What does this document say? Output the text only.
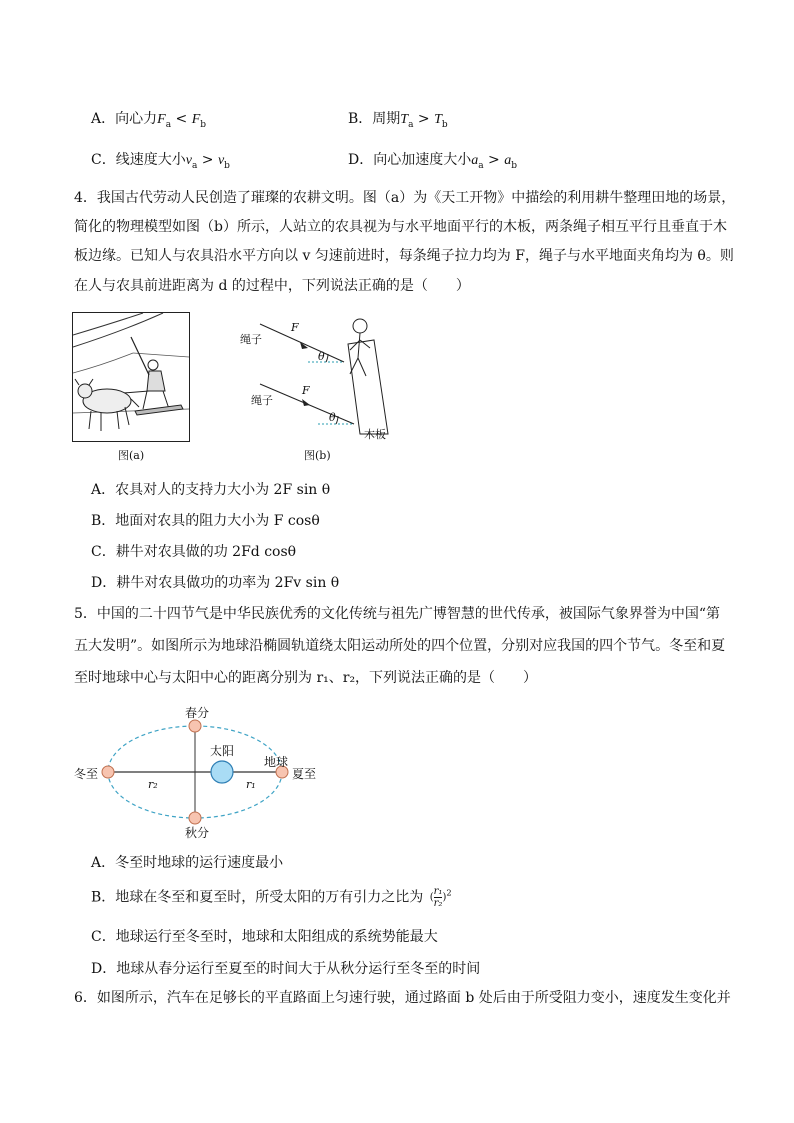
A．向心力$F_a < F_b$	B．周期$T_a > T_b$
C．线速度大小$v_a > v_b$	D．向心加速度大小$a_a > a_b$
4．我国古代劳动人民创造了璀璨的农耕文明。图（a）为《天工开物》中描绘的利用耕牛整理田地的场景，
简化的物理模型如图（b）所示，人站立的农具视为与水平地面平行的木板，两条绳子相互平行且垂直于木
板边缘。已知人与农具沿水平方向以 v 匀速前进时，每条绳子拉力均为 F，绳子与水平地面夹角均为 θ。则
在人与农具前进距离为 d 的过程中，下列说法正确的是（　　）
图(a)
绳子
F
θ
绳子
F
θ
木板
图(b)
A．农具对人的支持力大小为 2F sin θ
B．地面对农具的阻力大小为 F cosθ
C．耕牛对农具做的功 2Fd cosθ
D．耕牛对农具做功的功率为 2Fv sin θ
5．中国的二十四节气是中华民族优秀的文化传统与祖先广博智慧的世代传承，被国际气象界誉为中国“第
五大发明”。如图所示为地球沿椭圆轨道绕太阳运动所处的四个位置，分别对应我国的四个节气。冬至和夏
至时地球中心与太阳中心的距离分别为 r₁、r₂，下列说法正确的是（　　）
春分
秋分
冬至	夏至
太阳
地球
r₂	r₁
A．冬至时地球的运行速度最小
B．地球在冬至和夏至时，所受太阳的万有引力之比为 ( $\frac{\text{r₁}}{\text{r₂}} )^2$
C．地球运行至冬至时，地球和太阳组成的系统势能最大
D．地球从春分运行至夏至的时间大于从秋分运行至冬至的时间
6．如图所示，汽车在足够长的平直路面上匀速行驶，通过路面 b 处后由于所受阻力变小，速度发生变化并
